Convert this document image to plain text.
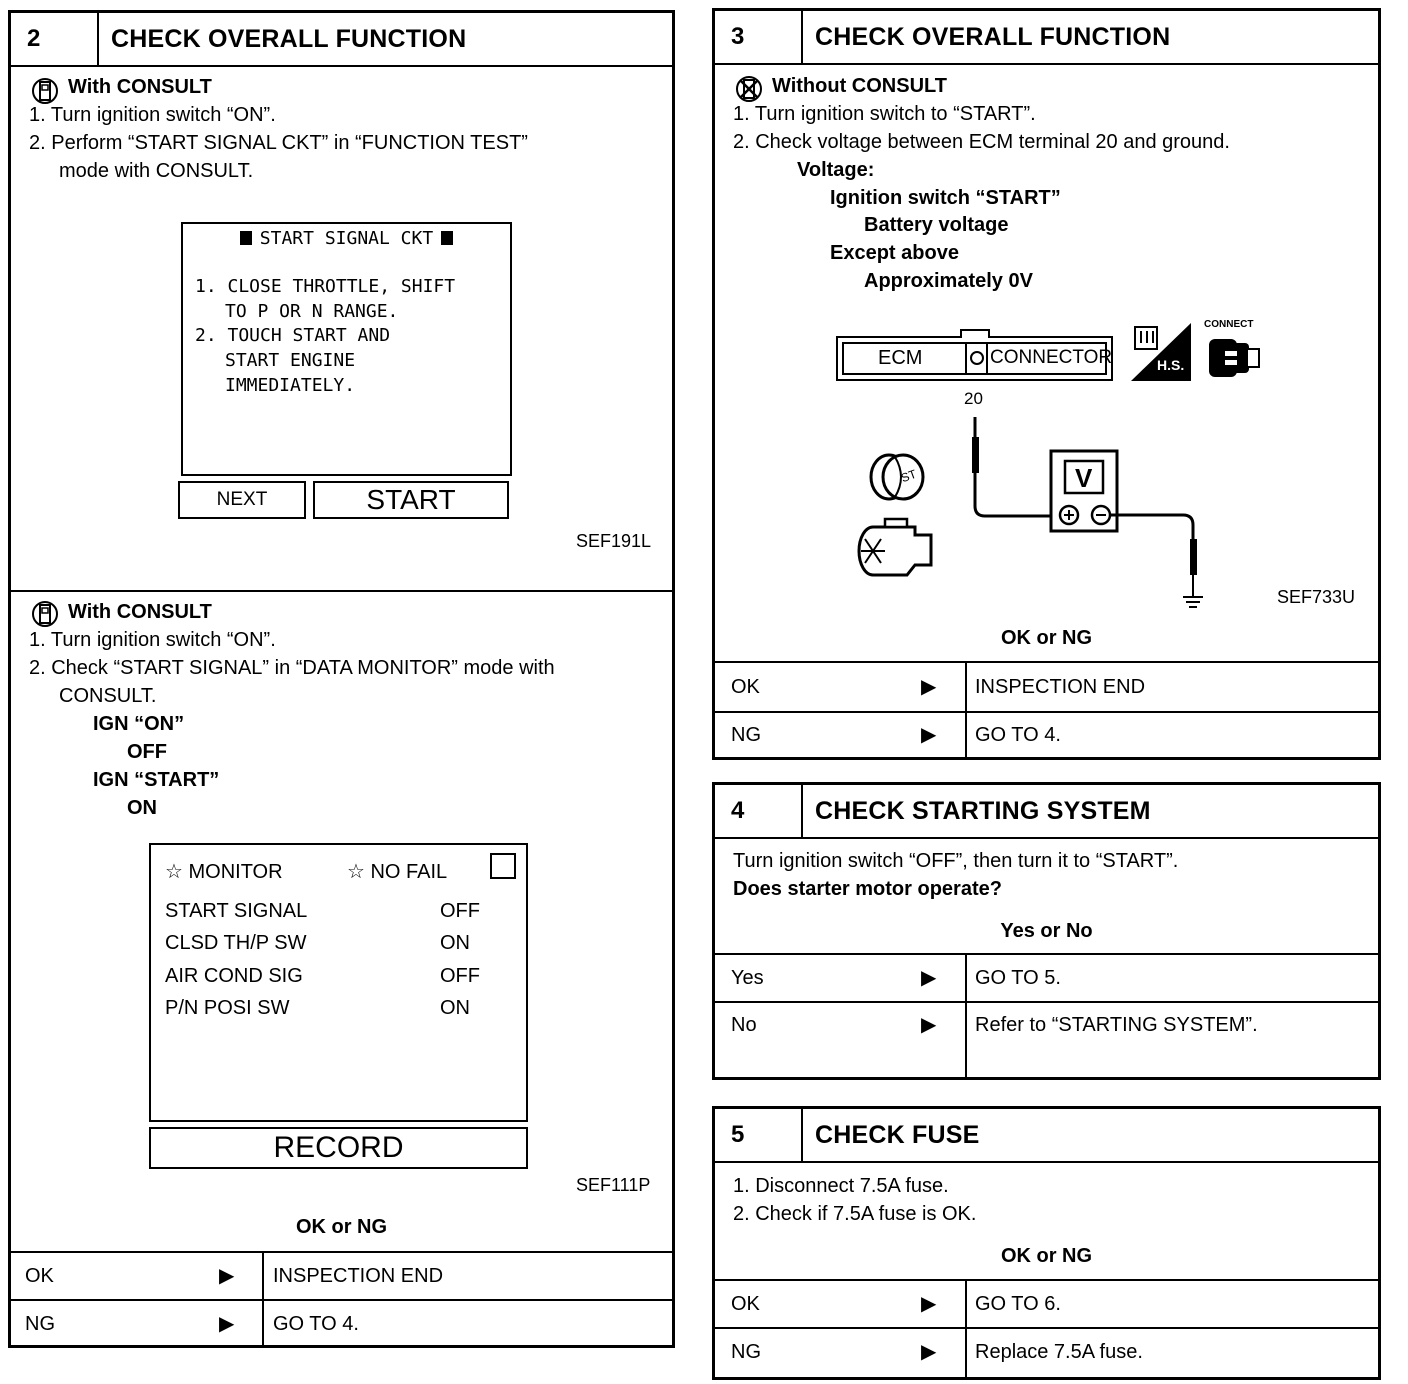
2	CHECK OVERALL FUNCTION
With CONSULT
1. Turn ignition switch “ON”.
2. Perform “START SIGNAL CKT” in “FUNCTION TEST”
mode with CONSULT.
START SIGNAL CKT
1. CLOSE THROTTLE, SHIFT
TO P OR N RANGE.
2. TOUCH START AND
START ENGINE
IMMEDIATELY.
NEXT	START
SEF191L
With CONSULT
1. Turn ignition switch “ON”.
2. Check “START SIGNAL” in “DATA MONITOR” mode with
CONSULT.
IGN “ON”
OFF
IGN “START”
ON
☆ MONITOR	☆ NO FAIL
START SIGNAL	OFF
CLSD TH/P SW	ON
AIR COND SIG	OFF
P/N POSI SW	ON
RECORD
SEF111P
OK or NG
OK	▶ INSPECTION END
NG	▶ GO TO 4.
3	CHECK OVERALL FUNCTION
Without CONSULT
1. Turn ignition switch to “START”.
2. Check voltage between ECM terminal 20 and ground.
Voltage:
Ignition switch “START”
Battery voltage
Except above
Approximately 0V
ECM	CONNECTOR
20
H.S.
CONNECT
V
ST
SEF733U
OK or NG
OK	▶ INSPECTION END
NG	▶ GO TO 4.
4	CHECK STARTING SYSTEM
Turn ignition switch “OFF”, then turn it to “START”.
Does starter motor operate?
Yes or No
Yes	▶ GO TO 5.
No	▶ Refer to “STARTING SYSTEM”.
5	CHECK FUSE
1. Disconnect 7.5A fuse.
2. Check if 7.5A fuse is OK.
OK or NG
OK	▶ GO TO 6.
NG	▶ Replace 7.5A fuse.
